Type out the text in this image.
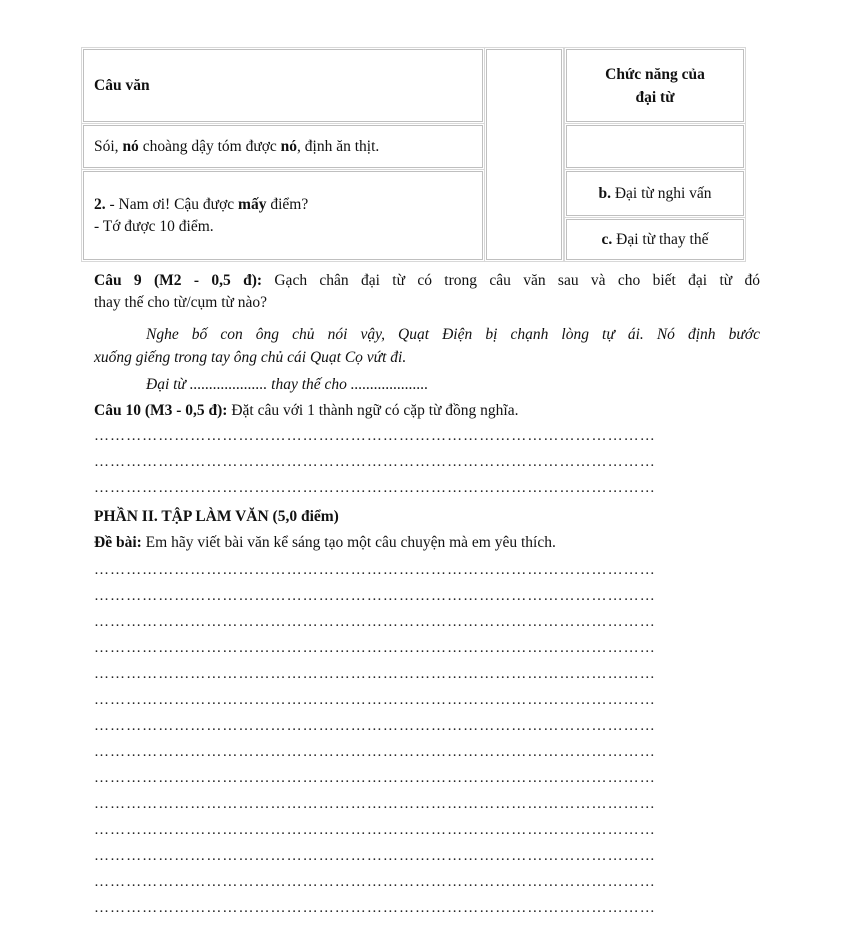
Câu văn
Chức năng của
đại từ
Sói, nó choàng dậy tóm được nó, định ăn thịt.
2. - Nam ơi! Cậu được mấy điểm?
- Tớ được 10 điểm.
b. Đại từ nghi vấn
c. Đại từ thay thế
Câu 9 (M2 - 0,5 đ): Gạch chân đại từ có trong câu văn sau và cho biết đại từ đó
thay thế cho từ/cụm từ nào?
Nghe bố con ông chủ nói vậy, Quạt Điện bị chạnh lòng tự ái. Nó định bước
xuống giếng trong tay ông chủ cái Quạt Cọ vứt đi.
Đại từ .................... thay thế cho ....................
Câu 10 (M3 - 0,5 đ): Đặt câu với 1 thành ngữ có cặp từ đồng nghĩa.
……………………………………………………………………………………………
……………………………………………………………………………………………
……………………………………………………………………………………………
PHẦN II. TẬP LÀM VĂN (5,0 điểm)
Đề bài: Em hãy viết bài văn kể sáng tạo một câu chuyện mà em yêu thích.
……………………………………………………………………………………………
……………………………………………………………………………………………
……………………………………………………………………………………………
……………………………………………………………………………………………
……………………………………………………………………………………………
……………………………………………………………………………………………
……………………………………………………………………………………………
……………………………………………………………………………………………
……………………………………………………………………………………………
……………………………………………………………………………………………
……………………………………………………………………………………………
……………………………………………………………………………………………
……………………………………………………………………………………………
……………………………………………………………………………………………
